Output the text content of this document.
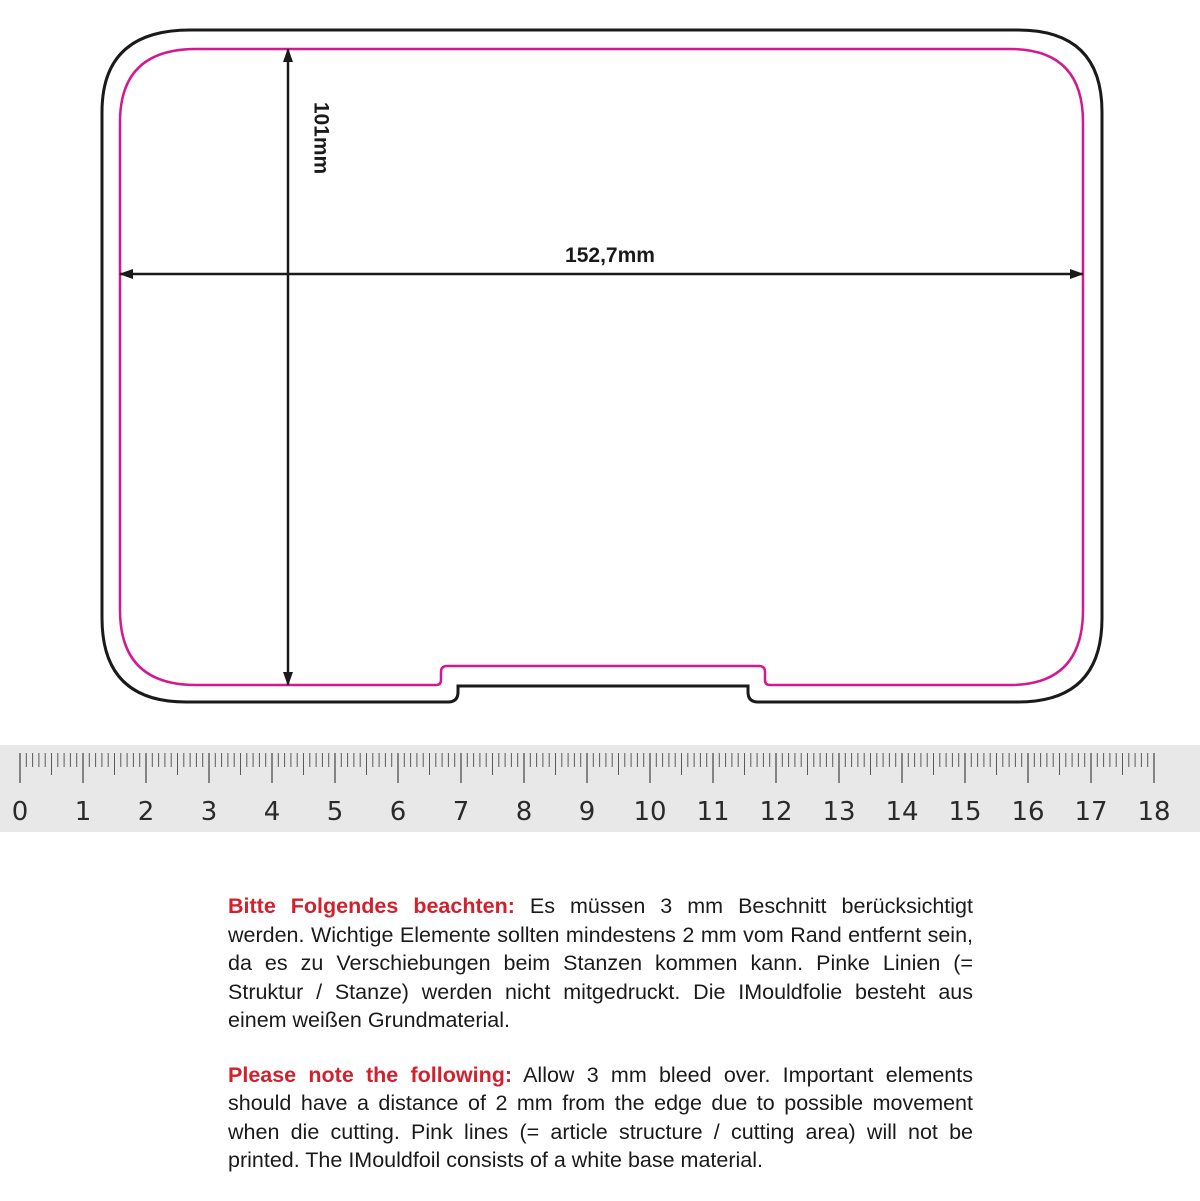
101mm
152,7mm
0 1 2 3 4 5 6 7 8 9 10 11 12 13 14 15 16 17 18

Bitte Folgendes beachten: Es müssen 3 mm Beschnitt berücksichtigt werden. Wichtige Elemente sollten mindestens 2 mm vom Rand entfernt sein, da es zu Verschiebungen beim Stanzen kommen kann. Pinke Linien (= Struktur / Stanze) werden nicht mitgedruckt. Die IMouldfolie besteht aus einem weißen Grundmaterial.

Please note the following: Allow 3 mm bleed over. Important elements should have a distance of 2 mm from the edge due to possible movement when die cutting. Pink lines (= article structure / cutting area) will not be printed. The IMouldfoil consists of a white base material.
